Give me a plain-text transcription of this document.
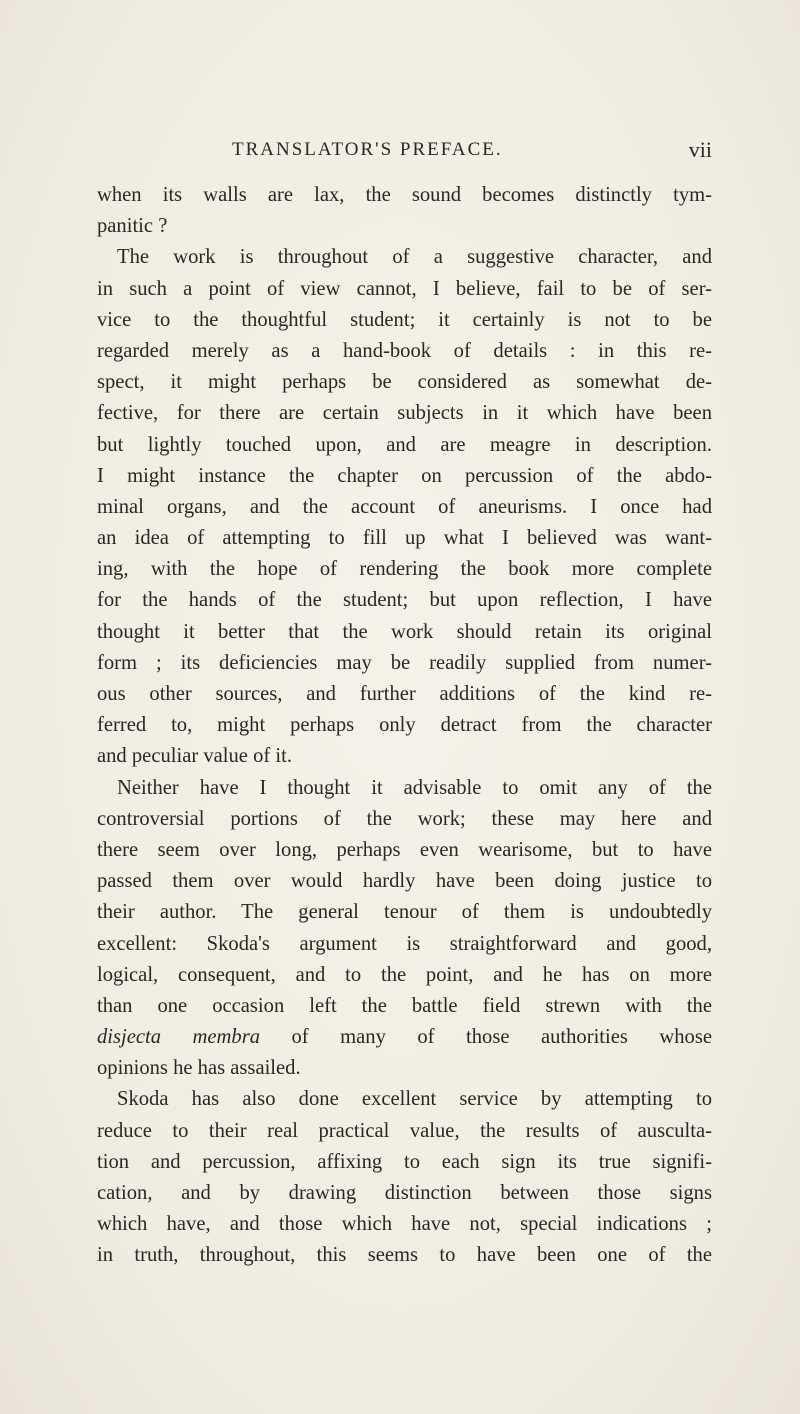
TRANSLATOR'S PREFACE.	vii
when its walls are lax, the sound becomes distinctly tym-
panitic ?
The work is throughout of a suggestive character, and
in such a point of view cannot, I believe, fail to be of ser-
vice to the thoughtful student; it certainly is not to be
regarded merely as a hand-book of details : in this re-
spect, it might perhaps be considered as somewhat de-
fective, for there are certain subjects in it which have been
but lightly touched upon, and are meagre in description.
I might instance the chapter on percussion of the abdo-
minal organs, and the account of aneurisms. I once had
an idea of attempting to fill up what I believed was want-
ing, with the hope of rendering the book more complete
for the hands of the student; but upon reflection, I have
thought it better that the work should retain its original
form ; its deficiencies may be readily supplied from numer-
ous other sources, and further additions of the kind re-
ferred to, might perhaps only detract from the character
and peculiar value of it.
Neither have I thought it advisable to omit any of the
controversial portions of the work; these may here and
there seem over long, perhaps even wearisome, but to have
passed them over would hardly have been doing justice to
their author. The general tenour of them is undoubtedly
excellent: Skoda's argument is straightforward and good,
logical, consequent, and to the point, and he has on more
than one occasion left the battle field strewn with the
disjecta membra of many of those authorities whose
opinions he has assailed.
Skoda has also done excellent service by attempting to
reduce to their real practical value, the results of ausculta-
tion and percussion, affixing to each sign its true signifi-
cation, and by drawing distinction between those signs
which have, and those which have not, special indications ;
in truth, throughout, this seems to have been one of the
